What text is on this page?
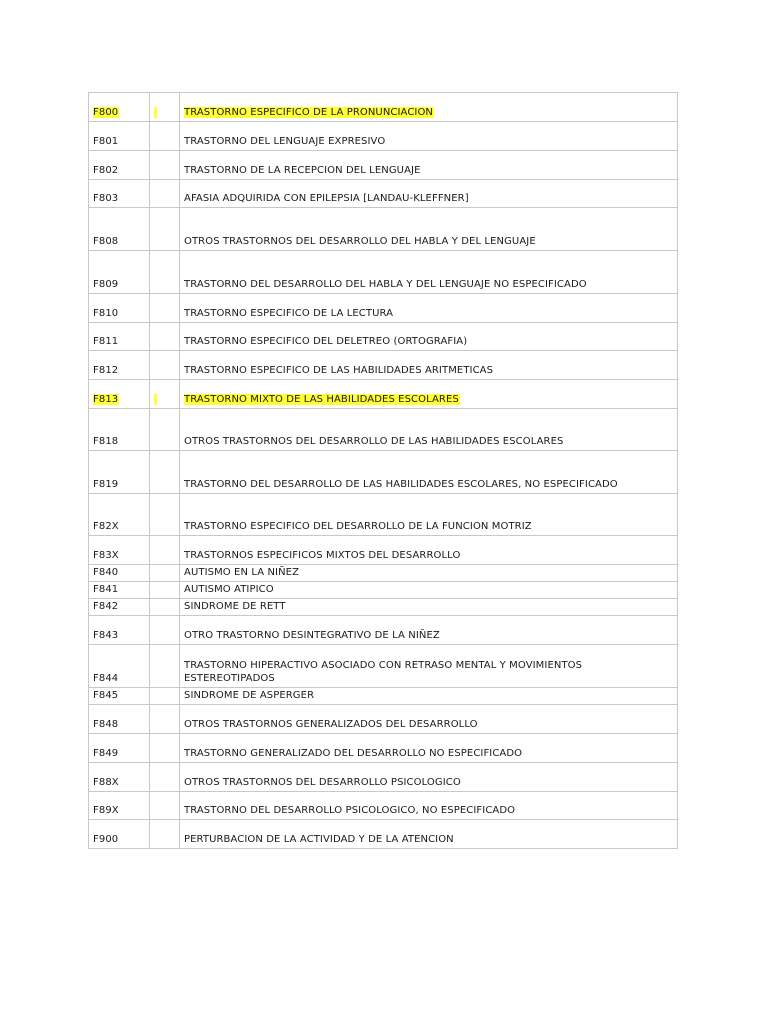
F800		TRASTORNO ESPECIFICO DE LA PRONUNCIACION
F801		TRASTORNO DEL LENGUAJE EXPRESIVO
F802		TRASTORNO DE LA RECEPCION DEL LENGUAJE
F803		AFASIA ADQUIRIDA CON EPILEPSIA [LANDAU-KLEFFNER]
F808		OTROS TRASTORNOS DEL DESARROLLO DEL HABLA Y DEL LENGUAJE
F809		TRASTORNO DEL DESARROLLO DEL HABLA Y DEL LENGUAJE NO ESPECIFICADO
F810		TRASTORNO ESPECIFICO DE LA LECTURA
F811		TRASTORNO ESPECIFICO DEL DELETREO (ORTOGRAFIA)
F812		TRASTORNO ESPECIFICO DE LAS HABILIDADES ARITMETICAS
F813		TRASTORNO MIXTO DE LAS HABILIDADES ESCOLARES
F818		OTROS TRASTORNOS DEL DESARROLLO DE LAS HABILIDADES ESCOLARES
F819		TRASTORNO DEL DESARROLLO DE LAS HABILIDADES ESCOLARES, NO ESPECIFICADO
F82X		TRASTORNO ESPECIFICO DEL DESARROLLO DE LA FUNCION MOTRIZ
F83X		TRASTORNOS ESPECIFICOS MIXTOS DEL DESARROLLO
F840		AUTISMO EN LA NIÑEZ
F841		AUTISMO ATIPICO
F842		SINDROME DE RETT
F843		OTRO TRASTORNO DESINTEGRATIVO DE LA NIÑEZ
F844		TRASTORNO HIPERACTIVO ASOCIADO CON RETRASO MENTAL Y MOVIMIENTOS ESTEREOTIPADOS
F845		SINDROME DE ASPERGER
F848		OTROS TRASTORNOS GENERALIZADOS DEL DESARROLLO
F849		TRASTORNO GENERALIZADO DEL DESARROLLO NO ESPECIFICADO
F88X		OTROS TRASTORNOS DEL DESARROLLO PSICOLOGICO
F89X		TRASTORNO DEL DESARROLLO PSICOLOGICO, NO ESPECIFICADO
F900		PERTURBACION DE LA ACTIVIDAD Y DE LA ATENCION
